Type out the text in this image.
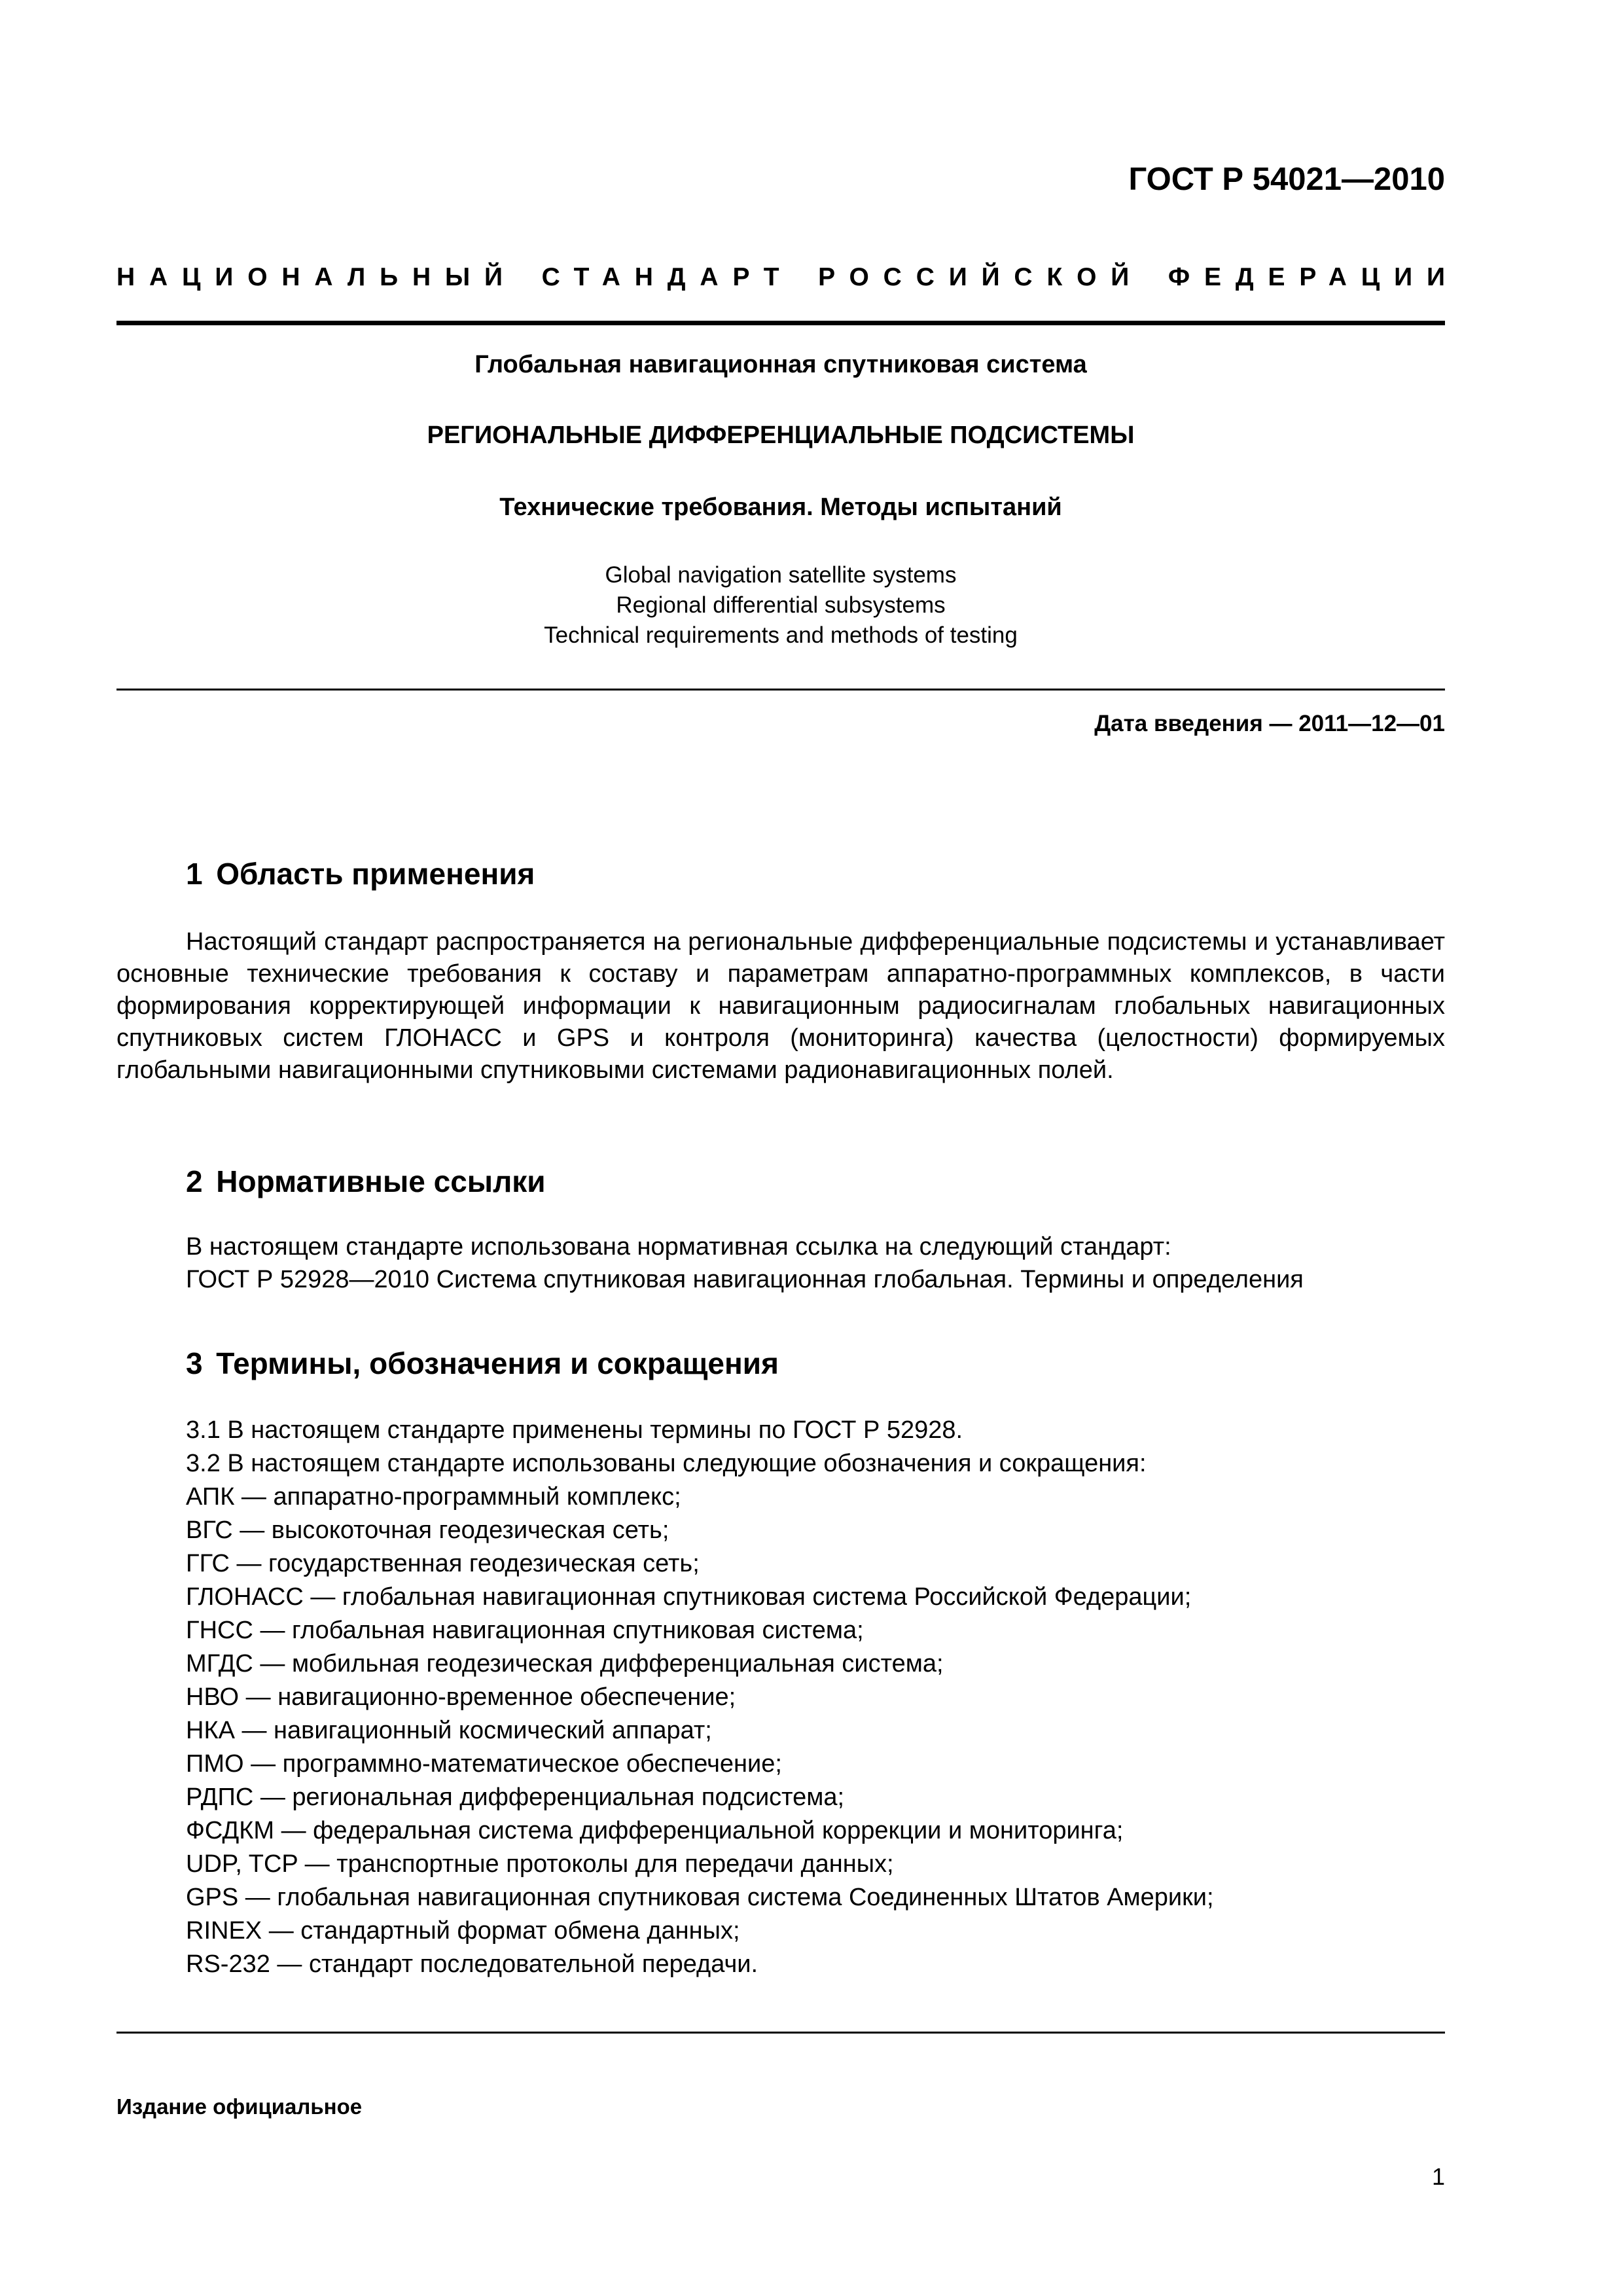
ГОСТ Р 54021—2010
НАЦИОНАЛЬНЫЙ СТАНДАРТ РОССИЙСКОЙ ФЕДЕРАЦИИ
Глобальная навигационная спутниковая система
РЕГИОНАЛЬНЫЕ ДИФФЕРЕНЦИАЛЬНЫЕ ПОДСИСТЕМЫ
Технические требования. Методы испытаний
Global navigation satellite systems
Regional differential subsystems
Technical requirements and methods of testing
Дата введения — 2011—12—01
1 Область применения

Настоящий стандарт распространяется на региональные дифференциальные подсистемы и устанавливает основные технические требования к составу и параметрам аппаратно-программных комплексов, в части формирования корректирующей информации к навигационным радиосигналам глобальных навигационных спутниковых систем ГЛОНАСС и GPS и контроля (мониторинга) качества (целостности) формируемых глобальными навигационными спутниковыми системами радионавигационных полей.

2 Нормативные ссылки
В настоящем стандарте использована нормативная ссылка на следующий стандарт:
ГОСТ Р 52928—2010 Система спутниковая навигационная глобальная. Термины и определения
3 Термины, обозначения и сокращения
3.1 В настоящем стандарте применены термины по ГОСТ Р 52928.
3.2 В настоящем стандарте использованы следующие обозначения и сокращения:
АПК — аппаратно-программный комплекс;
ВГС — высокоточная геодезическая сеть;
ГГС — государственная геодезическая сеть;
ГЛОНАСС — глобальная навигационная спутниковая система Российской Федерации;
ГНСС — глобальная навигационная спутниковая система;
МГДС — мобильная геодезическая дифференциальная система;
НВО — навигационно-временное обеспечение;
НКА — навигационный космический аппарат;
ПМО — программно-математическое обеспечение;
РДПС — региональная дифференциальная подсистема;
ФСДКМ — федеральная система дифференциальной коррекции и мониторинга;
UDP, TCP — транспортные протоколы для передачи данных;
GPS — глобальная навигационная спутниковая система Соединенных Штатов Америки;
RINEX — стандартный формат обмена данных;
RS-232 — стандарт последовательной передачи.
Издание официальное
1
